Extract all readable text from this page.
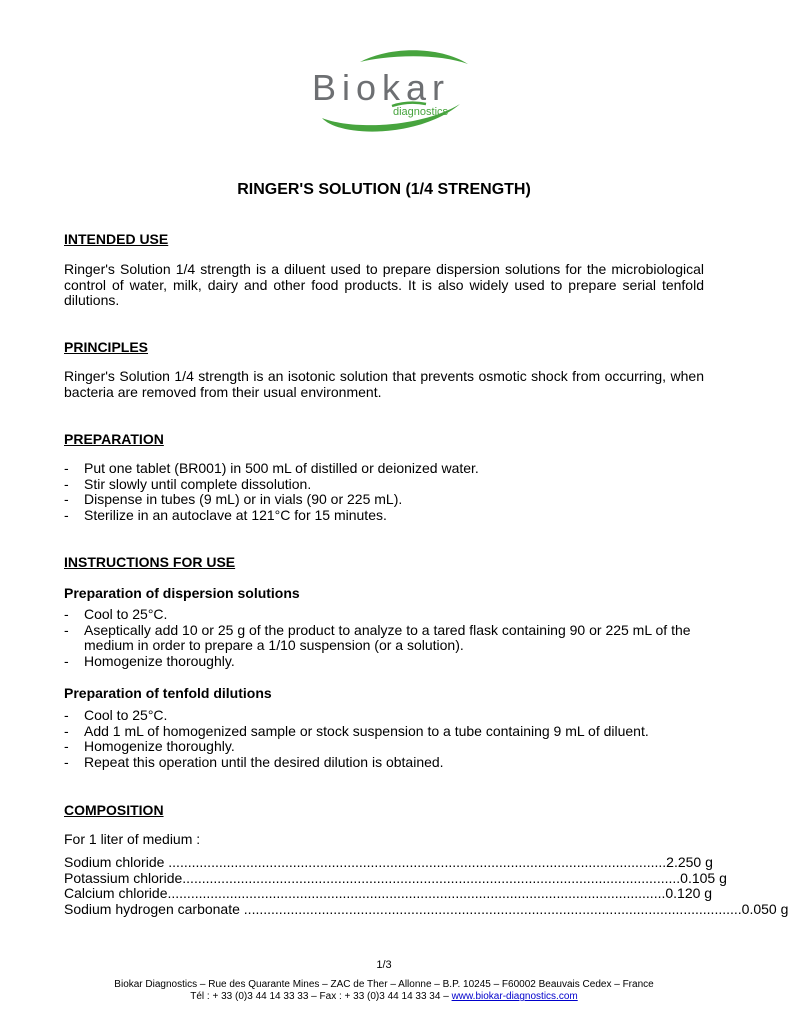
Biokar
diagnostics
RINGER'S SOLUTION (1/4 STRENGTH)
INTENDED USE

Ringer's Solution 1/4 strength is a diluent used to prepare dispersion solutions for the microbiological control of water, milk, dairy and other food products. It is also widely used to prepare serial tenfold dilutions.

PRINCIPLES

Ringer's Solution 1/4 strength is an isotonic solution that prevents osmotic shock from occurring, when bacteria are removed from their usual environment.

PREPARATION
- Put one tablet (BR001) in 500 mL of distilled or deionized water.
- Stir slowly until complete dissolution.
- Dispense in tubes (9 mL) or in vials (90 or 225 mL).
- Sterilize in an autoclave at 121°C for 15 minutes.
INSTRUCTIONS FOR USE
Preparation of dispersion solutions
- Cool to 25°C.
- Aseptically add 10 or 25 g of the product to analyze to a tared flask containing 90 or 225 mL of the medium in order to prepare a 1/10 suspension (or a solution).
- Homogenize thoroughly.
Preparation of tenfold dilutions
- Cool to 25°C.
- Add 1 mL of homogenized sample or stock suspension to a tube containing 9 mL of diluent.
- Homogenize thoroughly.
- Repeat this operation until the desired dilution is obtained.
COMPOSITION
For 1 liter of medium :
Sodium chloride ................................................................................................................................ 2.250 g
Potassium chloride ................................................................................................................................ 0.105 g
Calcium chloride ................................................................................................................................ 0.120 g
Sodium hydrogen carbonate ................................................................................................................................ 0.050 g
1/3
Biokar Diagnostics – Rue des Quarante Mines – ZAC de Ther – Allonne – B.P. 10245 – F60002 Beauvais Cedex – France
Tél : + 33 (0)3 44 14 33 33 – Fax : + 33 (0)3 44 14 33 34 – www.biokar-diagnostics.com
